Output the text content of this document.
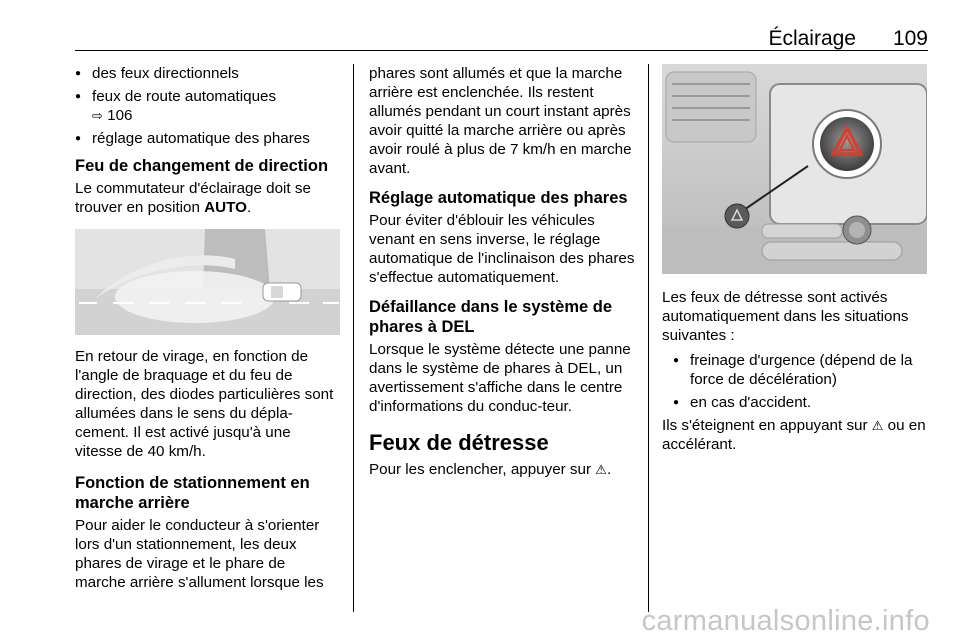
Éclairage 109
● des feux directionnels
● feux de route automatiques
⇨ 106
● réglage automatique des phares
Feu de changement de direction

Le commutateur d'éclairage doit se trouver en position AUTO.

En retour de virage, en fonction de l'angle de braquage et du feu de direction, des diodes particulières sont allumées dans le sens du dépla-cement. Il est activé jusqu'à une vitesse de 40 km/h.

Fonction de stationnement en marche arrière

Pour aider le conducteur à s'orienter lors d'un stationnement, les deux phares de virage et le phare de marche arrière s'allument lorsque les

phares sont allumés et que la marche arrière est enclenchée. Ils restent allumés pendant un court instant après avoir quitté la marche arrière ou après avoir roulé à plus de 7 km/h en marche avant.

Réglage automatique des phares

Pour éviter d'éblouir les véhicules venant en sens inverse, le réglage automatique de l'inclinaison des phares s'effectue automatiquement.

Défaillance dans le système de phares à DEL

Lorsque le système détecte une panne dans le système de phares à DEL, un avertissement s'affiche dans le centre d'informations du conduc-teur.

Feux de détresse

Pour les enclencher, appuyer sur ⚠.

Les feux de détresse sont activés automatiquement dans les situations suivantes :

● freinage d'urgence (dépend de la force de décélération)
● en cas d'accident.

Ils s'éteignent en appuyant sur ⚠ ou en accélérant.

carmanualsonline.info
